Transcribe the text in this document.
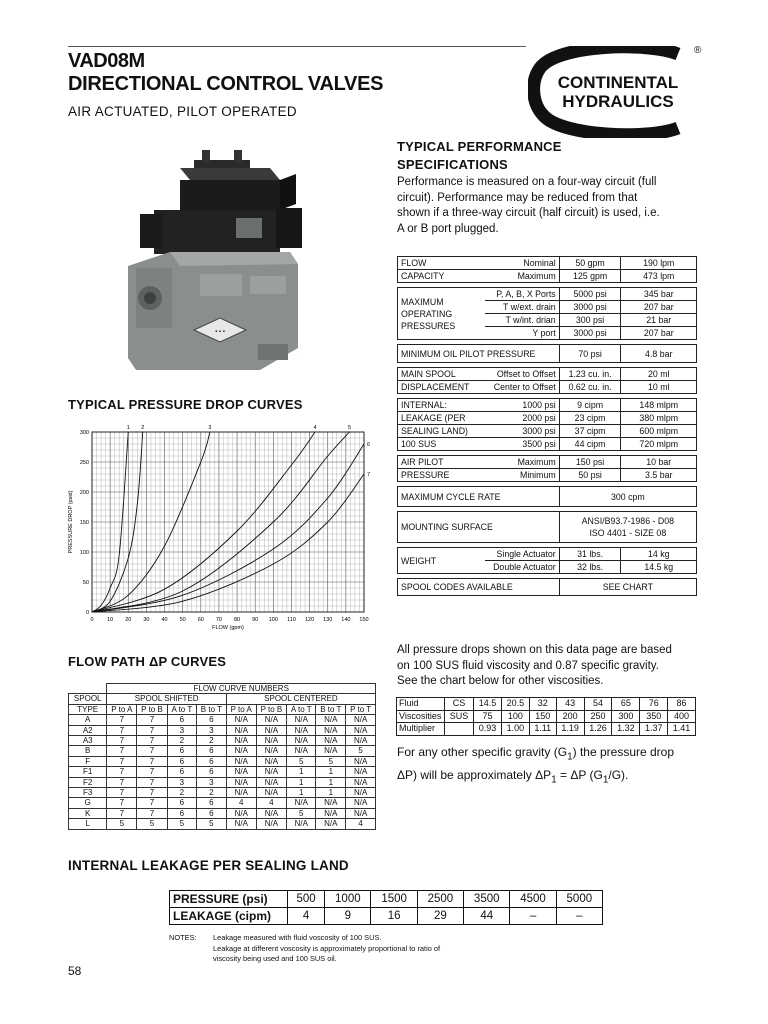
VAD08M
DIRECTIONAL CONTROL VALVES
AIR ACTUATED, PILOT OPERATED
CONTINENTAL
HYDRAULICS
®
▪ ▪ ▪
TYPICAL PERFORMANCE
SPECIFICATIONS
Performance is measured on a four-way circuit (full
circuit). Performance may be reduced from that
shown if a three-way circuit (half circuit) is used, i.e.
A or B port plugged.
FLOW	Nominal	50 gpm	190 lpm
CAPACITY	Maximum	125 gpm	473 lpm

MAXIMUM
OPERATING
PRESSURES	P, A, B, X Ports	5000 psi	345 bar
	T w/ext. drain	3000 psi	207 bar
	T w/int. drian	300 psi	21 bar
	Y port	3000 psi	207 bar

MINIMUM OIL PILOT PRESSURE		70 psi	4.8 bar

MAIN SPOOL	Offset to Offset	1.23 cu. in.	20 ml
DISPLACEMENT	Center to Offset	0.62 cu. in.	10 ml

INTERNAL:	1000 psi	9 cipm	148 mlpm
LEAKAGE (PER	2000 psi	23 cipm	380 mlpm
SEALING LAND)	3000 psi	37 cipm	600 mlpm
100 SUS	3500 psi	44 cipm	720 mlpm

AIR PILOT	Maximum	150 psi	10 bar
PRESSURE	Minimum	50 psi	3.5 bar

MAXIMUM CYCLE RATE		300 cpm	

MOUNTING SURFACE		ANSI/B93.7-1986 - D08
ISO 4401 - SIZE 08	

WEIGHT	Single Actuator	31 lbs.	14 kg
	Double Actuator	32 lbs.	14.5 kg

SPOOL CODES AVAILABLE		SEE CHART	
All pressure drops shown on this data page are based
on 100 SUS fluid viscosity and 0.87 specific gravity.
See the chart below for other viscosities.
Fluid	CS	14.5	20.5	32	43	54	65	76	86
Viscosities	SUS	75	100	150	200	250	300	350	400
Multiplier		0.93	1.00	1.11	1.19	1.26	1.32	1.37	1.41
For any other specific gravity $(G_1)$ the pressure drop
ΔP) will be approximately $\Delta P_1 = \Delta P$ $(G_1/G)$.
TYPICAL PRESSURE DROP CURVES
0 10 20 30 40 50 60 70 80 90 100 110 120 130 140 150
0
50
100
150
200
250
300
FLOW (gpm)
PRESSURE DROP (psid)
1 2	3	4	5
6
7
FLOW PATH ΔP CURVES
	FLOW CURVE NUMBERS								
SPOOL	SPOOL SHIFTED				SPOOL CENTERED				
TYPE	P to A	P to B	A to T	B to T	P to A	P to B	A to T	B to T	P to T
A	7	7	6	6	N/A	N/A	N/A	N/A	N/A
A2	7	7	3	3	N/A	N/A	N/A	N/A	N/A
A3	7	7	2	2	N/A	N/A	N/A	N/A	N/A
B	7	7	6	6	N/A	N/A	N/A	N/A	5
F	7	7	6	6	N/A	N/A	5	5	N/A
F1	7	7	6	6	N/A	N/A	1	1	N/A
F2	7	7	3	3	N/A	N/A	1	1	N/A
F3	7	7	2	2	N/A	N/A	1	1	N/A
G	7	7	6	6	4	4	N/A	N/A	N/A
K	7	7	6	6	N/A	N/A	5	N/A	N/A
L	5	5	5	5	N/A	N/A	N/A	N/A	4
INTERNAL LEAKAGE PER SEALING LAND
PRESSURE (psi)	500	1000	1500	2500	3500	4500	5000
LEAKAGE (cipm)	4	9	16	29	44	–	–
NOTES: Leakage measured with fluid voscosity of 100 SUS.
Leakage at different voscosity is approximately proportional to ratio of
viscosity being used and 100 SUS oil.
58
